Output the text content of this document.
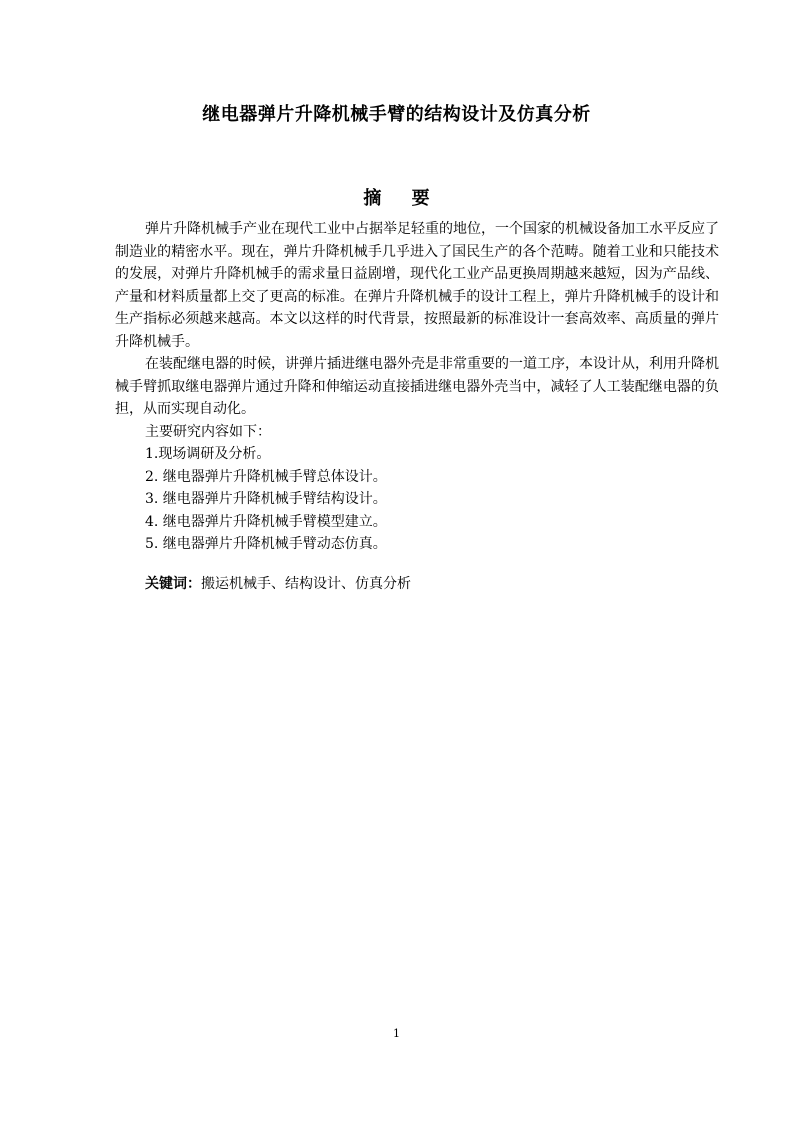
继电器弹片升降机械手臂的结构设计及仿真分析
摘 要

弹片升降机械手产业在现代工业中占据举足轻重的地位，一个国家的机械设备加工水平反应了制造业的精密水平。现在，弹片升降机械手几乎进入了国民生产的各个范畴。随着工业和只能技术的发展，对弹片升降机械手的需求量日益剧增，现代化工业产品更换周期越来越短，因为产品线、产量和材料质量都上交了更高的标准。在弹片升降机械手的设计工程上，弹片升降机械手的设计和生产指标必须越来越高。本文以这样的时代背景，按照最新的标准设计一套高效率、高质量的弹片升降机械手。

在装配继电器的时候，讲弹片插进继电器外壳是非常重要的一道工序，本设计从，利用升降机械手臂抓取继电器弹片通过升降和伸缩运动直接插进继电器外壳当中，减轻了人工装配继电器的负担，从而实现自动化。

主要研究内容如下：

1.现场调研及分析。
2. 继电器弹片升降机械手臂总体设计。
3. 继电器弹片升降机械手臂结构设计。
4. 继电器弹片升降机械手臂模型建立。
5. 继电器弹片升降机械手臂动态仿真。
关键词：搬运机械手、结构设计、仿真分析
1
